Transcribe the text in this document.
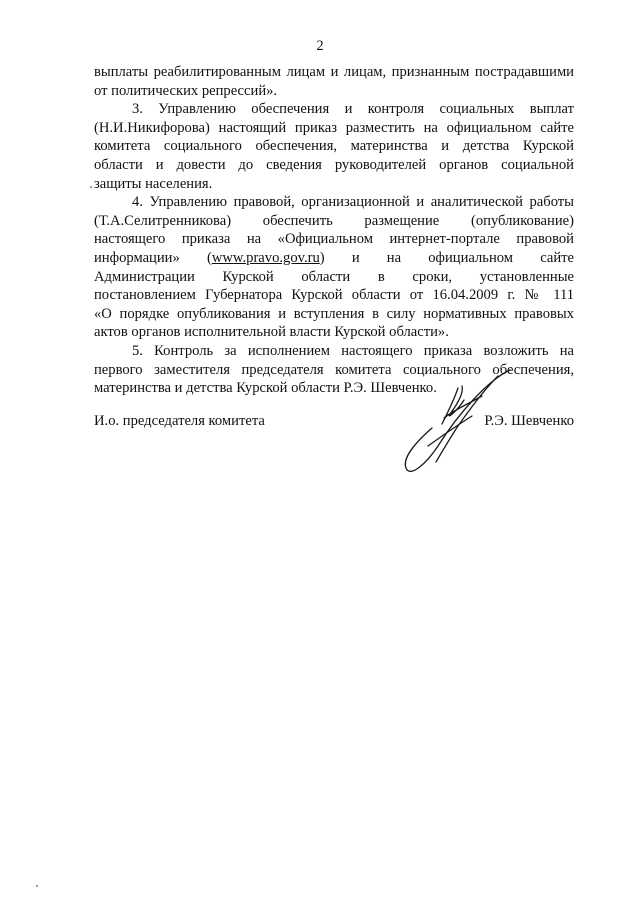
2
выплаты реабилитированным лицам и лицам, признанным пострадавшими
от политических репрессий».
3. Управлению обеспечения и контроля социальных выплат
(Н.И.Никифорова) настоящий приказ разместить на официальном сайте
комитета социального обеспечения, материнства и детства Курской
области и довести до сведения руководителей органов социальной
защиты населения.
4. Управлению правовой, организационной и аналитической работы
(Т.А.Селитренникова) обеспечить размещение (опубликование)
настоящего приказа на «Официальном интернет-портале правовой
информации» (www.pravo.gov.ru) и на официальном сайте
Администрации Курской области в сроки, установленные
постановлением Губернатора Курской области от 16.04.2009 г. № 111
«О порядке опубликования и вступления в силу нормативных правовых
актов органов исполнительной власти Курской области».
5. Контроль за исполнением настоящего приказа возложить на
первого заместителя председателя комитета социального обеспечения,
материнства и детства Курской области Р.Э. Шевченко.
И.о. председателя комитета	Р.Э. Шевченко
